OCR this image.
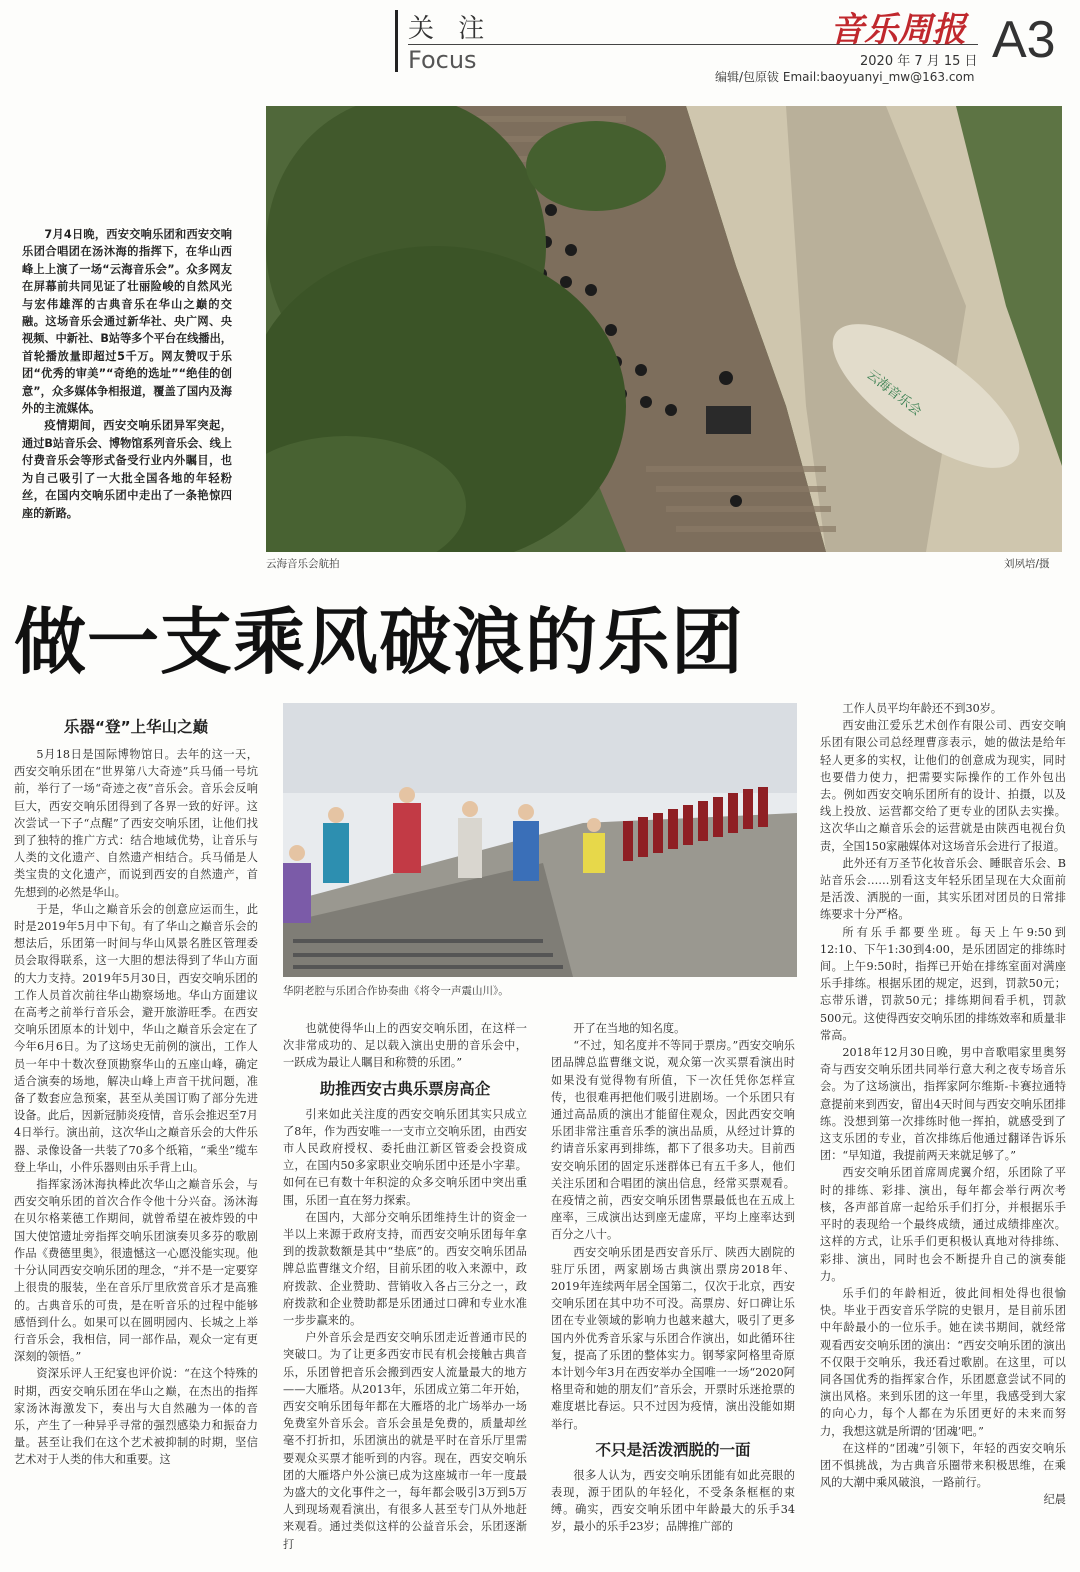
关 注
Focus
音乐周报
2020 年 7 月 15 日
编辑/包原钹 Email:baoyuanyi_mw@163.com
A3

7月4日晚，西安交响乐团和西安交响乐团合唱团在汤沐海的指挥下，在华山西峰上上演了一场“云海音乐会”。众多网友在屏幕前共同见证了壮丽险峻的自然风光与宏伟雄浑的古典音乐在华山之巅的交融。这场音乐会通过新华社、央广网、央视频、中新社、B站等多个平台在线播出，首轮播放量即超过5千万。网友赞叹于乐团“优秀的审美”“奇绝的选址”“绝佳的创意”，众多媒体争相报道，覆盖了国内及海外的主流媒体。

疫情期间，西安交响乐团异军突起，通过B站音乐会、博物馆系列音乐会、线上付费音乐会等形式备受行业内外瞩目，也为自己吸引了一大批全国各地的年轻粉丝，在国内交响乐团中走出了一条艳惊四座的新路。

云海音乐会
云海音乐会航拍	刘夙培/摄
做一支乘风破浪的乐团

乐器“登”上华山之巅

5月18日是国际博物馆日。去年的这一天，西安交响乐团在“世界第八大奇迹”兵马俑一号坑前，举行了一场“奇迹之夜”音乐会。音乐会反响巨大，西安交响乐团得到了各界一致的好评。这次尝试一下子“点醒”了西安交响乐团，让他们找到了独特的推广方式：结合地域优势，让音乐与人类的文化遗产、自然遗产相结合。兵马俑是人类宝贵的文化遗产，而说到西安的自然遗产，首先想到的必然是华山。

于是，华山之巅音乐会的创意应运而生，此时是2019年5月中下旬。有了华山之巅音乐会的想法后，乐团第一时间与华山风景名胜区管理委员会取得联系，这一大胆的想法得到了华山方面的大力支持。2019年5月30日，西安交响乐团的工作人员首次前往华山勘察场地。华山方面建议在高考之前举行音乐会，避开旅游旺季。在西安交响乐团原本的计划中，华山之巅音乐会定在了今年6月6日。为了这场史无前例的演出，工作人员一年中十数次登顶勘察华山的五座山峰，确定适合演奏的场地，解决山峰上声音干扰问题，准备了数套应急预案，甚至从美国订购了部分先进设备。此后，因新冠肺炎疫情，音乐会推迟至7月4日举行。演出前，这次华山之巅音乐会的大件乐器、录像设备一共装了70多个纸箱，“乘坐”缆车登上华山，小件乐器则由乐手背上山。

指挥家汤沐海执棒此次华山之巅音乐会，与西安交响乐团的首次合作令他十分兴奋。汤沐海在贝尔格莱德工作期间，就曾希望在被炸毁的中国大使馆遗址旁指挥交响乐团演奏贝多芬的歌剧作品《费德里奥》，很遗憾这一心愿没能实现。他十分认同西安交响乐团的理念，“并不是一定要穿上很贵的服装，坐在音乐厅里欣赏音乐才是高雅的。古典音乐的可贵，是在听音乐的过程中能够感悟到什么。如果可以在圆明园内、长城之上举行音乐会，我相信，同一部作品，观众一定有更深刻的领悟。”

资深乐评人王纪宴也评价说：“在这个特殊的时期，西安交响乐团在华山之巅，在杰出的指挥家汤沐海激发下，奏出与大自然融为一体的音乐，产生了一种异乎寻常的强烈感染力和振奋力量。甚至让我们在这个艺术被抑制的时期，坚信艺术对于人类的伟大和重要。这

华阴老腔与乐团合作协奏曲《将令一声震山川》。

也就使得华山上的西安交响乐团，在这样一次非常成功的、足以载入演出史册的音乐会中，一跃成为最让人瞩目和称赞的乐团。”

助推西安古典乐票房高企

引来如此关注度的西安交响乐团其实只成立了8年，作为西安唯一一支市立交响乐团，由西安市人民政府授权、委托曲江新区管委会投资成立，在国内50多家职业交响乐团中还是小字辈。如何在已有数十年积淀的众多交响乐团中突出重围，乐团一直在努力探索。

在国内，大部分交响乐团维持生计的资金一半以上来源于政府支持，而西安交响乐团每年拿到的拨款数额是其中“垫底”的。西安交响乐团品牌总监曹继文介绍，目前乐团的收入来源中，政府拨款、企业赞助、营销收入各占三分之一，政府拨款和企业赞助都是乐团通过口碑和专业水准一步步赢来的。

户外音乐会是西安交响乐团走近普通市民的突破口。为了让更多西安市民有机会接触古典音乐，乐团曾把音乐会搬到西安人流量最大的地方——大雁塔。从2013年，乐团成立第二年开始，西安交响乐团每年都在大雁塔的北广场举办一场免费室外音乐会。音乐会虽是免费的，质量却丝毫不打折扣，乐团演出的就是平时在音乐厅里需要观众买票才能听到的内容。现在，西安交响乐团的大雁塔户外公演已成为这座城市一年一度最为盛大的文化事件之一，每年都会吸引3万到5万人到现场观看演出，有很多人甚至专门从外地赶来观看。通过类似这样的公益音乐会，乐团逐渐打

开了在当地的知名度。

“不过，知名度并不等同于票房。”西安交响乐团品牌总监曹继文说，观众第一次买票看演出时如果没有觉得物有所值，下一次任凭你怎样宣传，也很难再把他们吸引进剧场。一个乐团只有通过高品质的演出才能留住观众，因此西安交响乐团非常注重音乐季的演出品质，从经过计算的约请音乐家再到排练，都下了很多功夫。目前西安交响乐团的固定乐迷群体已有五千多人，他们关注乐团和合唱团的演出信息，经常买票观看。在疫情之前，西安交响乐团售票最低也在五成上座率，三成演出达到座无虚席，平均上座率达到百分之八十。

西安交响乐团是西安音乐厅、陕西大剧院的驻厅乐团，两家剧场古典演出票房2018年、2019年连续两年居全国第二，仅次于北京，西安交响乐团在其中功不可没。高票房、好口碑让乐团在专业领域的影响力也越来越大，吸引了更多国内外优秀音乐家与乐团合作演出，如此循环往复，提高了乐团的整体实力。钢琴家阿格里奇原本计划今年3月在西安举办全国唯一一场“2020阿格里奇和她的朋友们”音乐会，开票时乐迷抢票的难度堪比春运。只不过因为疫情，演出没能如期举行。

不只是活泼洒脱的一面

很多人认为，西安交响乐团能有如此亮眼的表现，源于团队的年轻化，不受条条框框的束缚。确实，西安交响乐团中年龄最大的乐手34岁，最小的乐手23岁；品牌推广部的

工作人员平均年龄还不到30岁。

西安曲江爱乐艺术创作有限公司、西安交响乐团有限公司总经理曹彦表示，她的做法是给年轻人更多的实权，让他们的创意成为现实，同时也要借力使力，把需要实际操作的工作外包出去。例如西安交响乐团所有的设计、拍摄，以及线上投放、运营都交给了更专业的团队去实操。这次华山之巅音乐会的运营就是由陕西电视台负责，全国150家融媒体对这场音乐会进行了报道。

此外还有万圣节化妆音乐会、睡眠音乐会、B站音乐会……别看这支年轻乐团呈现在大众面前是活泼、洒脱的一面，其实乐团对团员的日常排练要求十分严格。

所有乐手都要坐班。每天上午9:50到12:10、下午1:30到4:00，是乐团固定的排练时间。上午9:50时，指挥已开始在排练室面对满座乐手排练。根据乐团的规定，迟到，罚款50元；忘带乐谱，罚款50元；排练期间看手机，罚款500元。这使得西安交响乐团的排练效率和质量非常高。

2018年12月30日晚，男中音歌唱家里奥努奇与西安交响乐团共同举行意大利之夜专场音乐会。为了这场演出，指挥家阿尔维斯-卡赛拉通特意提前来到西安，留出4天时间与西安交响乐团排练。没想到第一次排练时他一挥拍，就感受到了这支乐团的专业，首次排练后他通过翻译告诉乐团：“早知道，我提前两天来就足够了。”

西安交响乐团首席周虎翼介绍，乐团除了平时的排练、彩排、演出，每年都会举行两次考核，各声部首席一起给乐手们打分，并根据乐手平时的表现给一个最终成绩，通过成绩排座次。这样的方式，让乐手们更积极认真地对待排练、彩排、演出，同时也会不断提升自己的演奏能力。

乐手们的年龄相近，彼此间相处得也很愉快。毕业于西安音乐学院的史银月，是目前乐团中年龄最小的一位乐手。她在读书期间，就经常观看西安交响乐团的演出：“西安交响乐团的演出不仅限于交响乐，我还看过歌剧。在这里，可以同各国优秀的指挥家合作，乐团愿意尝试不同的演出风格。来到乐团的这一年里，我感受到大家的向心力，每个人都在为乐团更好的未来而努力，我想这就是所谓的‘团魂’吧。”

在这样的“团魂”引领下，年轻的西安交响乐团不惧挑战，为古典音乐圈带来积极思维，在乘风的大潮中乘风破浪，一路前行。

纪晨
